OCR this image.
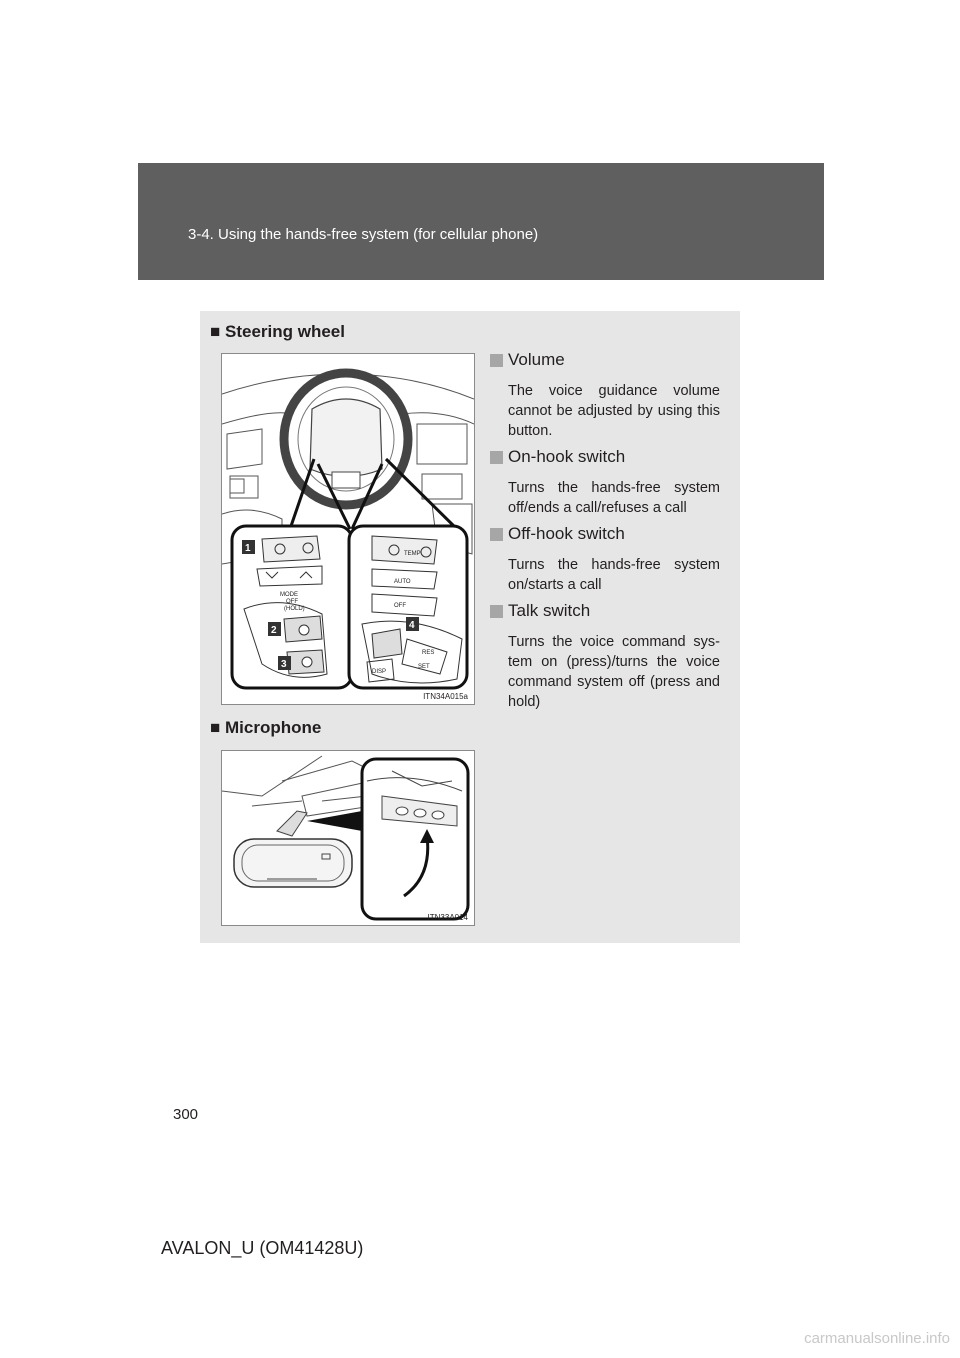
3-4. Using the hands-free system (for cellular phone)
■ Steering wheel
MODE
OFF
(HOLD)
TEMP
AUTO
OFF
DISP
RES
SET
1
2
3
4
ITN34A015a
Volume
The voice guidance volume cannot be adjusted by using this button.
On-hook switch
Turns the hands-free system off/ends a call/refuses a call
Off-hook switch
Turns the hands-free system on/starts a call
Talk switch
Turns the voice command sys-tem on (press)/turns the voice command system off (press and hold)
■ Microphone
ITN33A014
300
AVALON_U (OM41428U)
carmanualsonline.info
